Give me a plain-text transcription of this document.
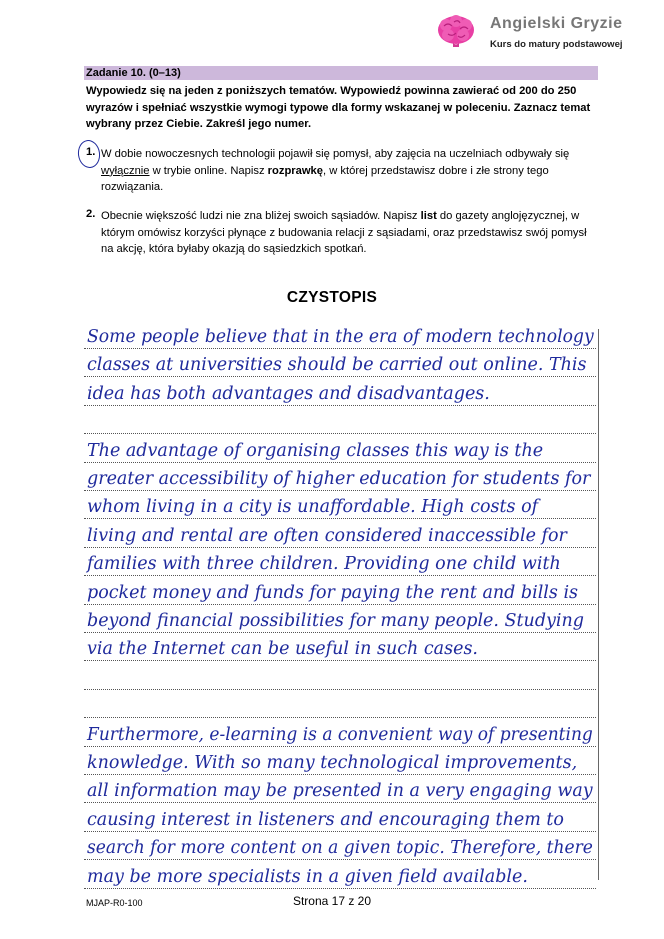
Angielski Gryzie
Kurs do matury podstawowej
Zadanie 10. (0–13)
Wypowiedz się na jeden z poniższych tematów. Wypowiedź powinna zawierać od 200 do 250 wyrazów i spełniać wszystkie wymogi typowe dla formy wskazanej w poleceniu. Zaznacz temat wybrany przez Ciebie. Zakreśl jego numer.
1. W dobie nowoczesnych technologii pojawił się pomysł, aby zajęcia na uczelniach odbywały się wyłącznie w trybie online. Napisz rozprawkę, w której przedstawisz dobre i złe strony tego rozwiązania.
2. Obecnie większość ludzi nie zna bliżej swoich sąsiadów. Napisz list do gazety anglojęzycznej, w którym omówisz korzyści płynące z budowania relacji z sąsiadami, oraz przedstawisz swój pomysł na akcję, która byłaby okazją do sąsiedzkich spotkań.
CZYSTOPIS
Some people believe that in the era of modern technology
classes at universities should be carried out online. This
idea has both advantages and disadvantages.
The advantage of organising classes this way is the
greater accessibility of higher education for students for
whom living in a city is unaffordable. High costs of
living and rental are often considered inaccessible for
families with three children. Providing one child with
pocket money and funds for paying the rent and bills is
beyond financial possibilities for many people. Studying
via the Internet can be useful in such cases.
Furthermore, e-learning is a convenient way of presenting
knowledge. With so many technological improvements,
all information may be presented in a very engaging way
causing interest in listeners and encouraging them to
search for more content on a given topic. Therefore, there
may be more specialists in a given field available.
MJAP-R0-100	Strona 17 z 20
